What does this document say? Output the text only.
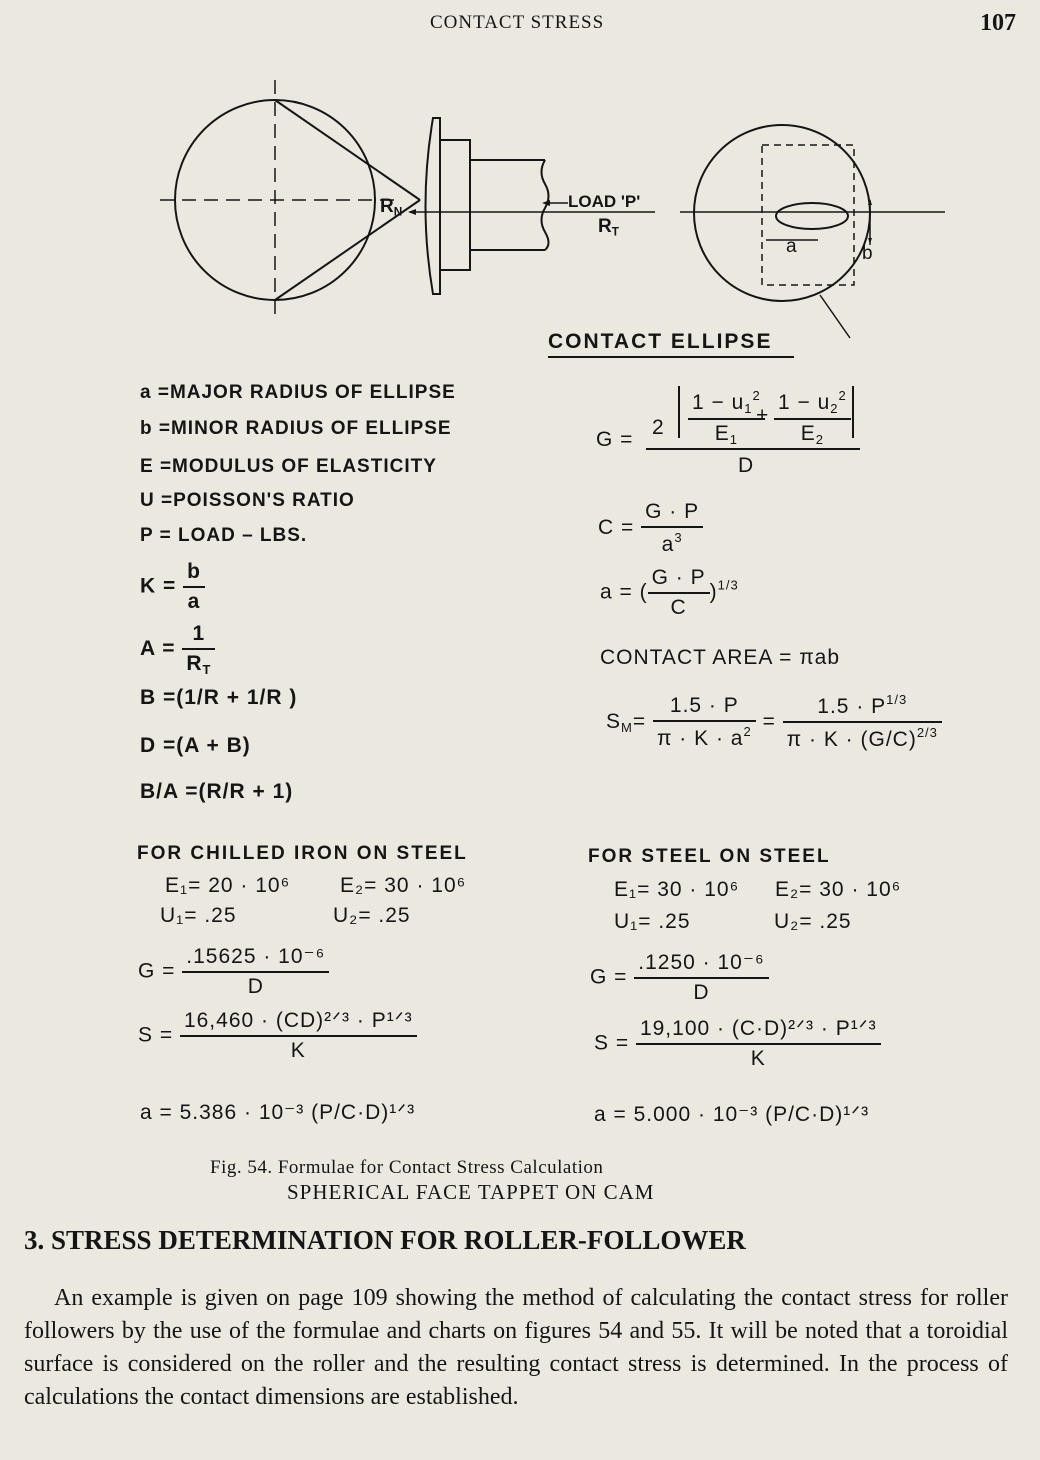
CONTACT STRESS	107
$R_N$
LOAD 'P'
$R_T$
a	b
CONTACT ELLIPSE
a =MAJOR RADIUS OF ELLIPSE
b =MINOR RADIUS OF ELLIPSE
E =MODULUS OF ELASTICITY
U =POISSON'S RATIO
P = LOAD – LBS.
$K = \frac{b}{a}$
$A = \frac{1}{R_T}$
B =(1/R + 1/R )
D =(A + B)
B/A =(R/R + 1)
G =
$2 \frac{1 - u_1^2}{E_1}$
+ $\frac{1 - u_2^2}{E_2}$
D
$C = \frac{G \cdot P}{a^3}$
a = ( $\frac{G \cdot P}{C} )^{1/3}$
CONTACT AREA = πab
$S_M= \frac{1.5 \cdot P}{\pi \cdot K \cdot a^2} = \frac{1.5 \cdot P^{1/3}}{\pi \cdot K \cdot (G/C)^{2/3}}$
FOR CHILLED IRON ON STEEL
E₁= 20 · 10⁶ E₂= 30 · 10⁶
U₁= .25	U₂= .25
$G = \frac{\text{.15625 · 10⁻⁶}}{D}$
$S = \frac{\text{16,460 · (CD)²ᐟ³ · P¹ᐟ³}}{K}$
a = 5.386 · 10⁻³ (P/C·D)¹ᐟ³
FOR STEEL ON STEEL
E₁= 30 · 10⁶ E₂= 30 · 10⁶
U₁= .25	U₂= .25
$G = \frac{\text{.1250 · 10⁻⁶}}{D}$
$S = \frac{\text{19,100 · (C·D)²ᐟ³ · P¹ᐟ³}}{K}$
a = 5.000 · 10⁻³ (P/C·D)¹ᐟ³
Fig. 54. Formulae for Contact Stress Calculation
SPHERICAL FACE TAPPET ON CAM
3. STRESS DETERMINATION FOR ROLLER-FOLLOWER
An example is given on page 109 showing the method of calculating the contact stress for roller followers by the use of the formulae and charts on figures 54 and 55. It will be noted that a toroidial surface is considered on the roller and the resulting contact stress is determined. In the process of calculations the contact dimensions are established.
